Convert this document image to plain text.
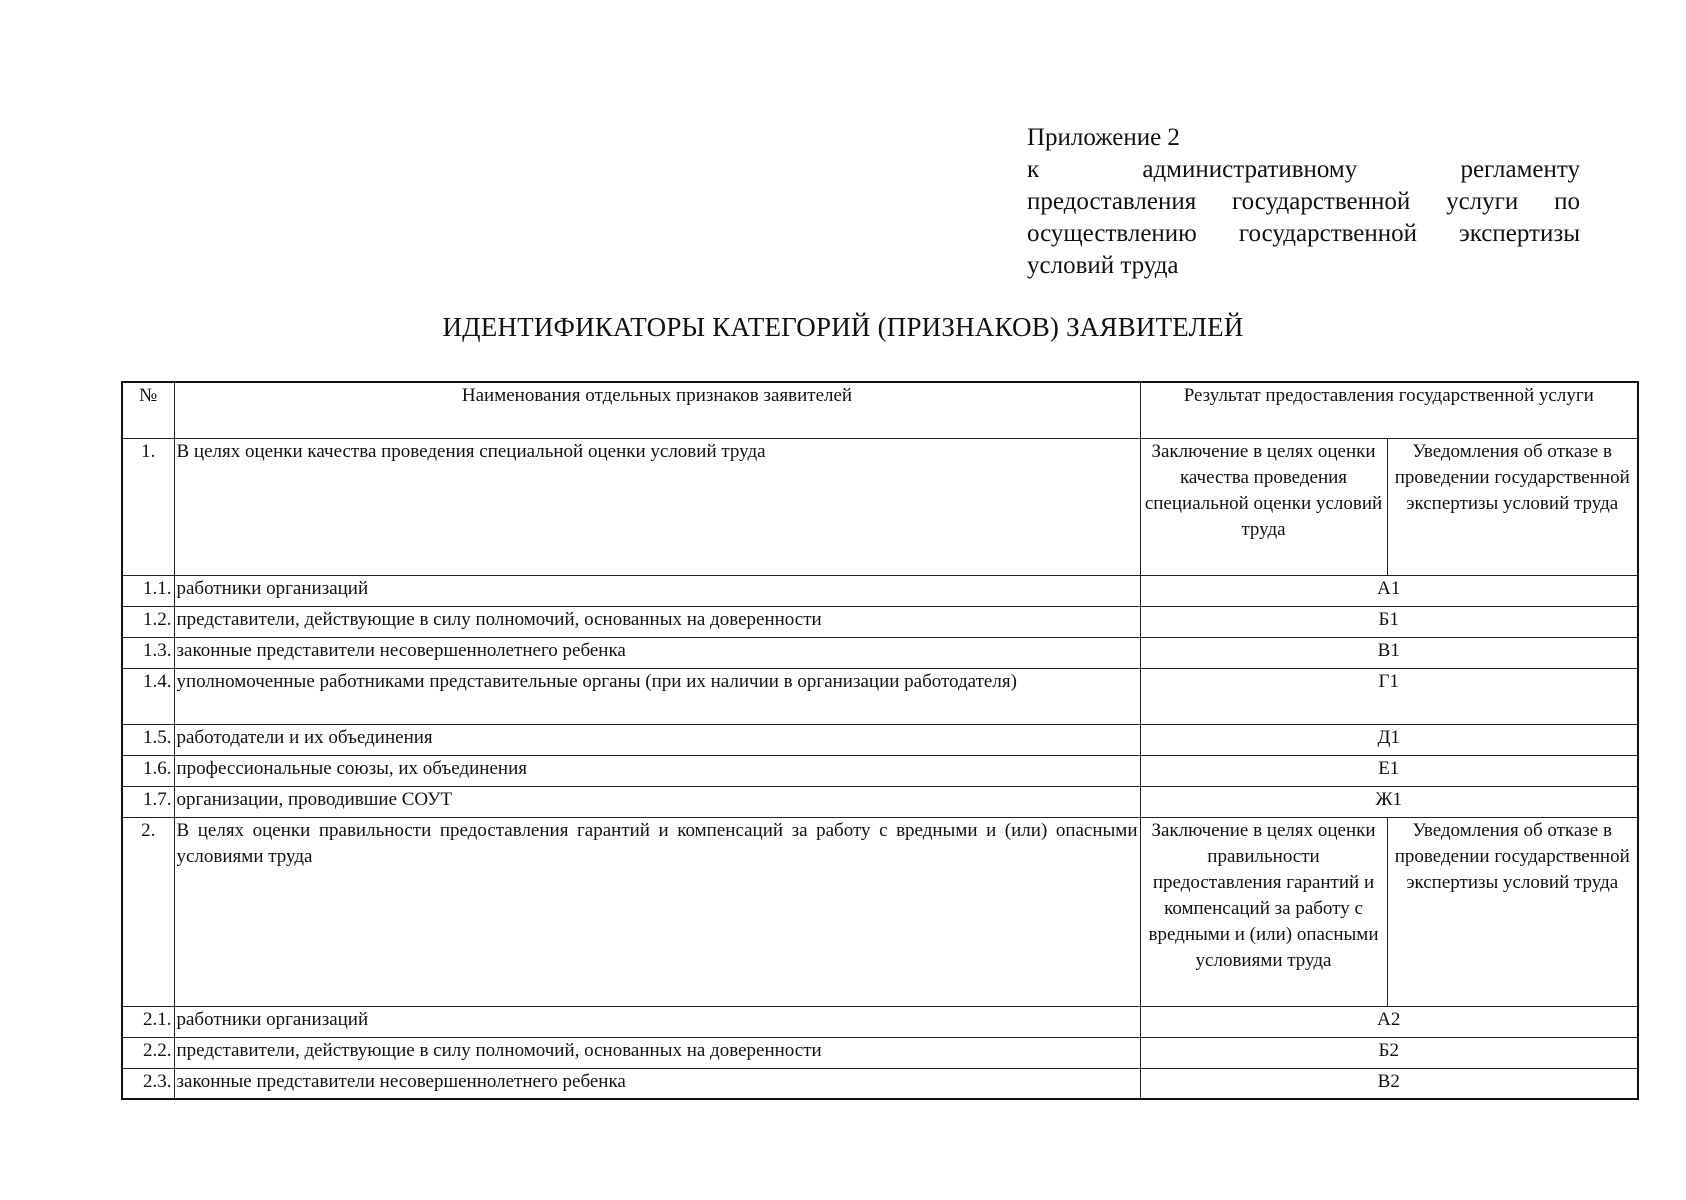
Приложение 2
к	административному регламенту
предоставления государственной услуги по осуществлению государственной экспертизы условий труда
ИДЕНТИФИКАТОРЫ КАТЕГОРИЙ (ПРИЗНАКОВ) ЗАЯВИТЕЛЕЙ
№	Наименования отдельных признаков заявителей	Результат предоставления государственной услуги	
1.	В целях оценки качества проведения специальной оценки условий труда	Заключение в целях оценки качества проведения специальной оценки условий труда	Уведомления об отказе в проведении государственной экспертизы условий труда
1.1.	работники организаций	А1	
1.2.	представители, действующие в силу полномочий, основанных на доверенности	Б1	
1.3.	законные представители несовершеннолетнего ребенка	В1	
1.4.	уполномоченные работниками представительные органы (при их наличии в организации работодателя)	Г1	
1.5.	работодатели и их объединения	Д1	
1.6.	профессиональные союзы, их объединения	Е1	
1.7.	организации, проводившие СОУТ	Ж1	
2.	В целях оценки правильности предоставления гарантий и компенсаций за работу с вредными и (или) опасными условиями труда	Заключение в целях оценки правильности предоставления гарантий и компенсаций за работу с вредными и (или) опасными условиями труда	Уведомления об отказе в проведении государственной экспертизы условий труда
2.1.	работники организаций	А2	
2.2.	представители, действующие в силу полномочий, основанных на доверенности	Б2	
2.3.	законные представители несовершеннолетнего ребенка	В2	
